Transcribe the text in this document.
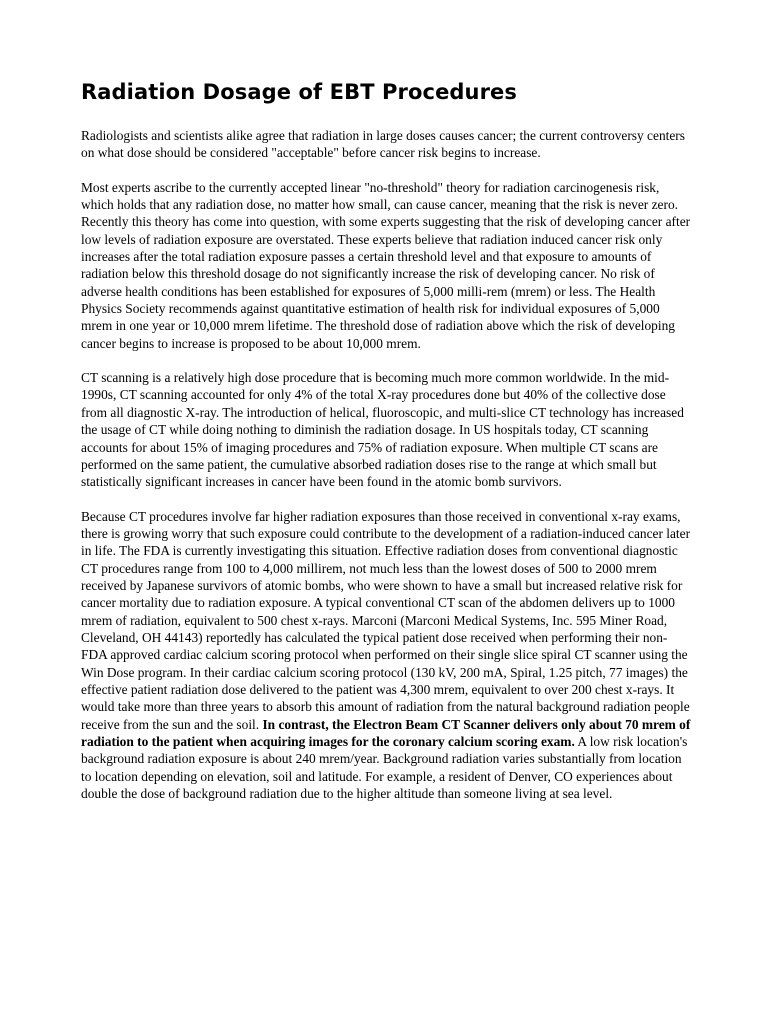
Radiation Dosage of EBT Procedures

Radiologists and scientists alike agree that radiation in large doses causes cancer; the current controversy centers on what dose should be considered "acceptable" before cancer risk begins to increase.

Most experts ascribe to the currently accepted linear "no-threshold" theory for radiation carcinogenesis risk, which holds that any radiation dose, no matter how small, can cause cancer, meaning that the risk is never zero. Recently this theory has come into question, with some experts suggesting that the risk of developing cancer after low levels of radiation exposure are overstated. These experts believe that radiation induced cancer risk only increases after the total radiation exposure passes a certain threshold level and that exposure to amounts of radiation below this threshold dosage do not significantly increase the risk of developing cancer. No risk of adverse health conditions has been established for exposures of 5,000 milli-rem (mrem) or less. The Health Physics Society recommends against quantitative estimation of health risk for individual exposures of 5,000 mrem in one year or 10,000 mrem lifetime. The threshold dose of radiation above which the risk of developing cancer begins to increase is proposed to be about 10,000 mrem.

CT scanning is a relatively high dose procedure that is becoming much more common worldwide. In the mid-1990s, CT scanning accounted for only 4% of the total X-ray procedures done but 40% of the collective dose from all diagnostic X-ray. The introduction of helical, fluoroscopic, and multi-slice CT technology has increased the usage of CT while doing nothing to diminish the radiation dosage. In US hospitals today, CT scanning accounts for about 15% of imaging procedures and 75% of radiation exposure. When multiple CT scans are performed on the same patient, the cumulative absorbed radiation doses rise to the range at which small but statistically significant increases in cancer have been found in the atomic bomb survivors.

Because CT procedures involve far higher radiation exposures than those received in conventional x-ray exams, there is growing worry that such exposure could contribute to the development of a radiation-induced cancer later in life. The FDA is currently investigating this situation. Effective radiation doses from conventional diagnostic CT procedures range from 100 to 4,000 millirem, not much less than the lowest doses of 500 to 2000 mrem received by Japanese survivors of atomic bombs, who were shown to have a small but increased relative risk for cancer mortality due to radiation exposure. A typical conventional CT scan of the abdomen delivers up to 1000 mrem of radiation, equivalent to 500 chest x-rays. Marconi (Marconi Medical Systems, Inc. 595 Miner Road, Cleveland, OH 44143) reportedly has calculated the typical patient dose received when performing their non-FDA approved cardiac calcium scoring protocol when performed on their single slice spiral CT scanner using the Win Dose program. In their cardiac calcium scoring protocol (130 kV, 200 mA, Spiral, 1.25 pitch, 77 images) the effective patient radiation dose delivered to the patient was 4,300 mrem, equivalent to over 200 chest x-rays. It would take more than three years to absorb this amount of radiation from the natural background radiation people receive from the sun and the soil. In contrast, the Electron Beam CT Scanner delivers only about 70 mrem of radiation to the patient when acquiring images for the coronary calcium scoring exam. A low risk location's background radiation exposure is about 240 mrem/year. Background radiation varies substantially from location to location depending on elevation, soil and latitude. For example, a resident of Denver, CO experiences about double the dose of background radiation due to the higher altitude than someone living at sea level.
